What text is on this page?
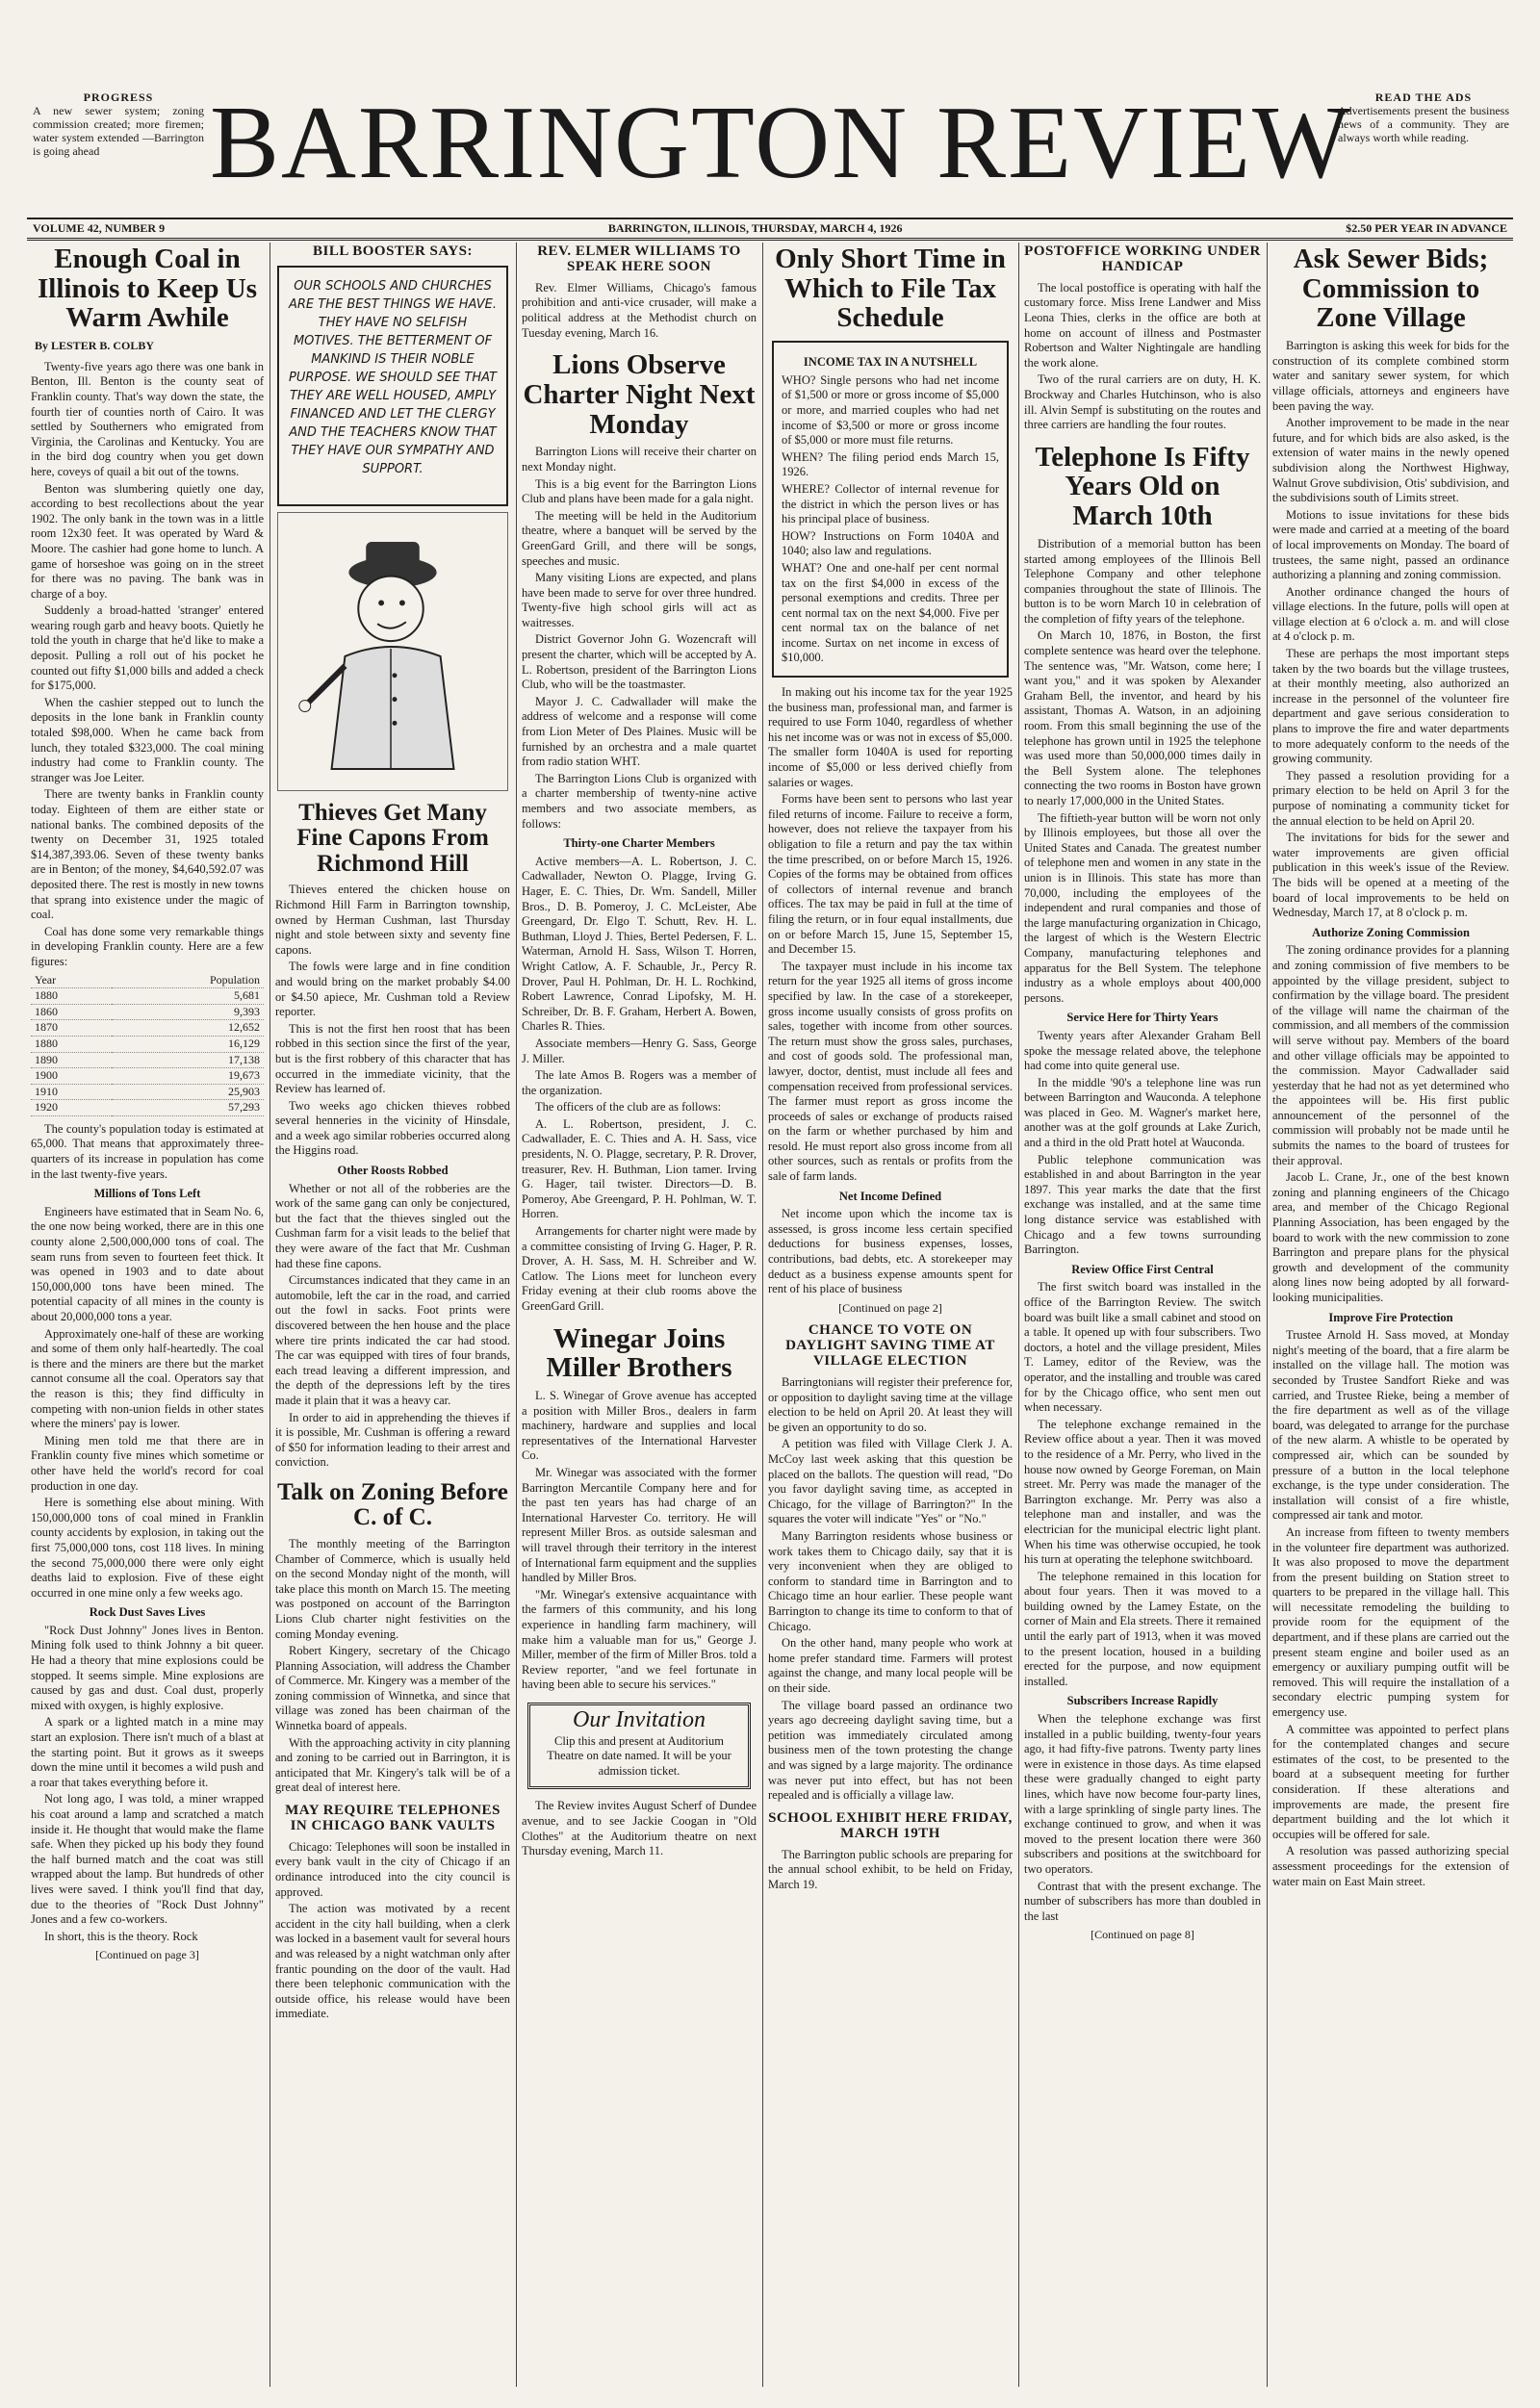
PROGRESS

A new sewer system; zoning commission created; more firemen; water system extended —Barrington is going ahead	BARRINGTON REVIEW	READ THE ADS

Advertisements present the business news of a community. They are always worth while reading.

VOLUME 42, NUMBER 9	BARRINGTON, ILLINOIS, THURSDAY, MARCH 4, 1926	$2.50 PER YEAR IN ADVANCE
Enough Coal in Illinois to Keep Us Warm Awhile
By LESTER B. COLBY

Twenty-five years ago there was one bank in Benton, Ill. Benton is the county seat of Franklin county. That's way down the state, the fourth tier of counties north of Cairo. It was settled by Southerners who emigrated from Virginia, the Carolinas and Kentucky. You are in the bird dog country when you get down here, coveys of quail a bit out of the towns.

Benton was slumbering quietly one day, according to best recollections about the year 1902. The only bank in the town was in a little room 12x30 feet. It was operated by Ward & Moore. The cashier had gone home to lunch. A game of horseshoe was going on in the street for there was no paving. The bank was in charge of a boy.

Suddenly a broad-hatted 'stranger' entered wearing rough garb and heavy boots. Quietly he told the youth in charge that he'd like to make a deposit. Pulling a roll out of his pocket he counted out fifty $1,000 bills and added a check for $175,000.

When the cashier stepped out to lunch the deposits in the lone bank in Franklin county totaled $98,000. When he came back from lunch, they totaled $323,000. The coal mining industry had come to Franklin county. The stranger was Joe Leiter.

There are twenty banks in Franklin county today. Eighteen of them are either state or national banks. The combined deposits of the twenty on December 31, 1925 totaled $14,387,393.06. Seven of these twenty banks are in Benton; of the money, $4,640,592.07 was deposited there. The rest is mostly in new towns that sprang into existence under the magic of coal.

Coal has done some very remarkable things in developing Franklin county. Here are a few figures:

Year	Population
1880	5,681
1860	9,393
1870	12,652
1880	16,129
1890	17,138
1900	19,673
1910	25,903
1920	57,293

The county's population today is estimated at 65,000. That means that approximately three-quarters of its increase in population has come in the last twenty-five years.

Millions of Tons Left

Engineers have estimated that in Seam No. 6, the one now being worked, there are in this one county alone 2,500,000,000 tons of coal. The seam runs from seven to fourteen feet thick. It was opened in 1903 and to date about 150,000,000 tons have been mined. The potential capacity of all mines in the county is about 20,000,000 tons a year.

Approximately one-half of these are working and some of them only half-heartedly. The coal is there and the miners are there but the market cannot consume all the coal. Operators say that the reason is this; they find difficulty in competing with non-union fields in other states where the miners' pay is lower.

Mining men told me that there are in Franklin county five mines which sometime or other have held the world's record for coal production in one day.

Here is something else about mining. With 150,000,000 tons of coal mined in Franklin county accidents by explosion, in taking out the first 75,000,000 tons, cost 118 lives. In mining the second 75,000,000 there were only eight deaths laid to explosion. Five of these eight occurred in one mine only a few weeks ago.

Rock Dust Saves Lives

"Rock Dust Johnny" Jones lives in Benton. Mining folk used to think Johnny a bit queer. He had a theory that mine explosions could be stopped. It seems simple. Mine explosions are caused by gas and dust. Coal dust, properly mixed with oxygen, is highly explosive.

A spark or a lighted match in a mine may start an explosion. There isn't much of a blast at the starting point. But it grows as it sweeps down the mine until it becomes a wild push and a roar that takes everything before it.

Not long ago, I was told, a miner wrapped his coat around a lamp and scratched a match inside it. He thought that would make the flame safe. When they picked up his body they found the half burned match and the coat was still wrapped about the lamp. But hundreds of other lives were saved. I think you'll find that day, due to the theories of "Rock Dust Johnny" Jones and a few co-workers.

In short, this is the theory. Rock

[Continued on page 3]
BILL BOOSTER SAYS:
OUR SCHOOLS AND CHURCHES ARE THE BEST THINGS WE HAVE. THEY HAVE NO SELFISH MOTIVES. THE BETTERMENT OF MANKIND IS THEIR NOBLE PURPOSE. WE SHOULD SEE THAT THEY ARE WELL HOUSED, AMPLY FINANCED AND LET THE CLERGY AND THE TEACHERS KNOW THAT THEY HAVE OUR SYMPATHY AND SUPPORT.
Thieves Get Many Fine Capons From Richmond Hill

Thieves entered the chicken house on Richmond Hill Farm in Barrington township, owned by Herman Cushman, last Thursday night and stole between sixty and seventy fine capons.

The fowls were large and in fine condition and would bring on the market probably $4.00 or $4.50 apiece, Mr. Cushman told a Review reporter.

This is not the first hen roost that has been robbed in this section since the first of the year, but is the first robbery of this character that has occurred in the immediate vicinity, that the Review has learned of.

Two weeks ago chicken thieves robbed several henneries in the vicinity of Hinsdale, and a week ago similar robberies occurred along the Higgins road.

Other Roosts Robbed

Whether or not all of the robberies are the work of the same gang can only be conjectured, but the fact that the thieves singled out the Cushman farm for a visit leads to the belief that they were aware of the fact that Mr. Cushman had these fine capons.

Circumstances indicated that they came in an automobile, left the car in the road, and carried out the fowl in sacks. Foot prints were discovered between the hen house and the place where tire prints indicated the car had stood. The car was equipped with tires of four brands, each tread leaving a different impression, and the depth of the depressions left by the tires made it plain that it was a heavy car.

In order to aid in apprehending the thieves if it is possible, Mr. Cushman is offering a reward of $50 for information leading to their arrest and conviction.

Talk on Zoning Before C. of C.

The monthly meeting of the Barrington Chamber of Commerce, which is usually held on the second Monday night of the month, will take place this month on March 15. The meeting was postponed on account of the Barrington Lions Club charter night festivities on the coming Monday evening.

Robert Kingery, secretary of the Chicago Planning Association, will address the Chamber of Commerce. Mr. Kingery was a member of the zoning commission of Winnetka, and since that village was zoned has been chairman of the Winnetka board of appeals.

With the approaching activity in city planning and zoning to be carried out in Barrington, it is anticipated that Mr. Kingery's talk will be of a great deal of interest here.

MAY REQUIRE TELEPHONES IN CHICAGO BANK VAULTS

Chicago: Telephones will soon be installed in every bank vault in the city of Chicago if an ordinance introduced into the city council is approved.

The action was motivated by a recent accident in the city hall building, when a clerk was locked in a basement vault for several hours and was released by a night watchman only after frantic pounding on the door of the vault. Had there been telephonic communication with the outside office, his release would have been immediate.

REV. ELMER WILLIAMS TO SPEAK HERE SOON

Rev. Elmer Williams, Chicago's famous prohibition and anti-vice crusader, will make a political address at the Methodist church on Tuesday evening, March 16.

Lions Observe Charter Night Next Monday

Barrington Lions will receive their charter on next Monday night.

This is a big event for the Barrington Lions Club and plans have been made for a gala night.

The meeting will be held in the Auditorium theatre, where a banquet will be served by the GreenGard Grill, and there will be songs, speeches and music.

Many visiting Lions are expected, and plans have been made to serve for over three hundred. Twenty-five high school girls will act as waitresses.

District Governor John G. Wozencraft will present the charter, which will be accepted by A. L. Robertson, president of the Barrington Lions Club, who will be the toastmaster.

Mayor J. C. Cadwallader will make the address of welcome and a response will come from Lion Meter of Des Plaines. Music will be furnished by an orchestra and a male quartet from radio station WHT.

The Barrington Lions Club is organized with a charter membership of twenty-nine active members and two associate members, as follows:

Thirty-one Charter Members

Active members—A. L. Robertson, J. C. Cadwallader, Newton O. Plagge, Irving G. Hager, E. C. Thies, Dr. Wm. Sandell, Miller Bros., D. B. Pomeroy, J. C. McLeister, Abe Greengard, Dr. Elgo T. Schutt, Rev. H. L. Buthman, Lloyd J. Thies, Bertel Pedersen, F. L. Waterman, Arnold H. Sass, Wilson T. Horren, Wright Catlow, A. F. Schauble, Jr., Percy R. Drover, Paul H. Pohlman, Dr. H. L. Rochkind, Robert Lawrence, Conrad Lipofsky, M. H. Schreiber, Dr. B. F. Graham, Herbert A. Bowen, Charles R. Thies.

Associate members—Henry G. Sass, George J. Miller.

The late Amos B. Rogers was a member of the organization.

The officers of the club are as follows:

A. L. Robertson, president, J. C. Cadwallader, E. C. Thies and A. H. Sass, vice presidents, N. O. Plagge, secretary, P. R. Drover, treasurer, Rev. H. Buthman, Lion tamer. Irving G. Hager, tail twister. Directors—D. B. Pomeroy, Abe Greengard, P. H. Pohlman, W. T. Horren.

Arrangements for charter night were made by a committee consisting of Irving G. Hager, P. R. Drover, A. H. Sass, M. H. Schreiber and W. Catlow. The Lions meet for luncheon every Friday evening at their club rooms above the GreenGard Grill.

Winegar Joins Miller Brothers

L. S. Winegar of Grove avenue has accepted a position with Miller Bros., dealers in farm machinery, hardware and supplies and local representatives of the International Harvester Co.

Mr. Winegar was associated with the former Barrington Mercantile Company here and for the past ten years has had charge of an International Harvester Co. territory. He will represent Miller Bros. as outside salesman and will travel through their territory in the interest of International farm equipment and the supplies handled by Miller Bros.

"Mr. Winegar's extensive acquaintance with the farmers of this community, and his long experience in handling farm machinery, will make him a valuable man for us," George J. Miller, member of the firm of Miller Bros. told a Review reporter, "and we feel fortunate in having been able to secure his services."

Our Invitation
Clip this and present at Auditorium Theatre on date named. It will be your admission ticket.

The Review invites August Scherf of Dundee avenue, and to see Jackie Coogan in "Old Clothes" at the Auditorium theatre on next Thursday evening, March 11.

Only Short Time in Which to File Tax Schedule
INCOME TAX IN A NUTSHELL

WHO? Single persons who had net income of $1,500 or more or gross income of $5,000 or more, and married couples who had net income of $3,500 or more or gross income of $5,000 or more must file returns.

WHEN? The filing period ends March 15, 1926.

WHERE? Collector of internal revenue for the district in which the person lives or has his principal place of business.

HOW? Instructions on Form 1040A and 1040; also law and regulations.

WHAT? One and one-half per cent normal tax on the first $4,000 in excess of the personal exemptions and credits. Three per cent normal tax on the next $4,000. Five per cent normal tax on the balance of net income. Surtax on net income in excess of $10,000.

In making out his income tax for the year 1925 the business man, professional man, and farmer is required to use Form 1040, regardless of whether his net income was or was not in excess of $5,000. The smaller form 1040A is used for reporting income of $5,000 or less derived chiefly from salaries or wages.

Forms have been sent to persons who last year filed returns of income. Failure to receive a form, however, does not relieve the taxpayer from his obligation to file a return and pay the tax within the time prescribed, on or before March 15, 1926. Copies of the forms may be obtained from offices of collectors of internal revenue and branch offices. The tax may be paid in full at the time of filing the return, or in four equal installments, due on or before March 15, June 15, September 15, and December 15.

The taxpayer must include in his income tax return for the year 1925 all items of gross income specified by law. In the case of a storekeeper, gross income usually consists of gross profits on sales, together with income from other sources. The return must show the gross sales, purchases, and cost of goods sold. The professional man, lawyer, doctor, dentist, must include all fees and compensation received from professional services. The farmer must report as gross income the proceeds of sales or exchange of products raised on the farm or whether purchased by him and resold. He must report also gross income from all other sources, such as rentals or profits from the sale of farm lands.

Net Income Defined

Net income upon which the income tax is assessed, is gross income less certain specified deductions for business expenses, losses, contributions, bad debts, etc. A storekeeper may deduct as a business expense amounts spent for rent of his place of business

[Continued on page 2]
CHANCE TO VOTE ON DAYLIGHT SAVING TIME AT VILLAGE ELECTION

Barringtonians will register their preference for, or opposition to daylight saving time at the village election to be held on April 20. At least they will be given an opportunity to do so.

A petition was filed with Village Clerk J. A. McCoy last week asking that this question be placed on the ballots. The question will read, "Do you favor daylight saving time, as accepted in Chicago, for the village of Barrington?" In the squares the voter will indicate "Yes" or "No."

Many Barrington residents whose business or work takes them to Chicago daily, say that it is very inconvenient when they are obliged to conform to standard time in Barrington and to Chicago time an hour earlier. These people want Barrington to change its time to conform to that of Chicago.

On the other hand, many people who work at home prefer standard time. Farmers will protest against the change, and many local people will be on their side.

The village board passed an ordinance two years ago decreeing daylight saving time, but a petition was immediately circulated among business men of the town protesting the change and was signed by a large majority. The ordinance was never put into effect, but has not been repealed and is officially a village law.

SCHOOL EXHIBIT HERE FRIDAY, MARCH 19TH

The Barrington public schools are preparing for the annual school exhibit, to be held on Friday, March 19.

POSTOFFICE WORKING UNDER HANDICAP

The local postoffice is operating with half the customary force. Miss Irene Landwer and Miss Leona Thies, clerks in the office are both at home on account of illness and Postmaster Robertson and Walter Nightingale are handling the work alone.

Two of the rural carriers are on duty, H. K. Brockway and Charles Hutchinson, who is also ill. Alvin Sempf is substituting on the routes and three carriers are handling the four routes.

Telephone Is Fifty Years Old on March 10th

Distribution of a memorial button has been started among employees of the Illinois Bell Telephone Company and other telephone companies throughout the state of Illinois. The button is to be worn March 10 in celebration of the completion of fifty years of the telephone.

On March 10, 1876, in Boston, the first complete sentence was heard over the telephone. The sentence was, "Mr. Watson, come here; I want you," and it was spoken by Alexander Graham Bell, the inventor, and heard by his assistant, Thomas A. Watson, in an adjoining room. From this small beginning the use of the telephone has grown until in 1925 the telephone was used more than 50,000,000 times daily in the Bell System alone. The telephones connecting the two rooms in Boston have grown to nearly 17,000,000 in the United States.

The fiftieth-year button will be worn not only by Illinois employees, but those all over the United States and Canada. The greatest number of telephone men and women in any state in the union is in Illinois. This state has more than 70,000, including the employees of the independent and rural companies and those of the large manufacturing organization in Chicago, the largest of which is the Western Electric Company, manufacturing telephones and apparatus for the Bell System. The telephone industry as a whole employs about 400,000 persons.

Service Here for Thirty Years

Twenty years after Alexander Graham Bell spoke the message related above, the telephone had come into quite general use.

In the middle '90's a telephone line was run between Barrington and Wauconda. A telephone was placed in Geo. M. Wagner's market here, another was at the golf grounds at Lake Zurich, and a third in the old Pratt hotel at Wauconda.

Public telephone communication was established in and about Barrington in the year 1897. This year marks the date that the first exchange was installed, and at the same time long distance service was established with Chicago and a few towns surrounding Barrington.

Review Office First Central

The first switch board was installed in the office of the Barrington Review. The switch board was built like a small cabinet and stood on a table. It opened up with four subscribers. Two doctors, a hotel and the village president, Miles T. Lamey, editor of the Review, was the operator, and the installing and trouble was cared for by the Chicago office, who sent men out when necessary.

The telephone exchange remained in the Review office about a year. Then it was moved to the residence of a Mr. Perry, who lived in the house now owned by George Foreman, on Main street. Mr. Perry was made the manager of the Barrington exchange. Mr. Perry was also a telephone man and installer, and was the electrician for the municipal electric light plant. When his time was otherwise occupied, he took his turn at operating the telephone switchboard.

The telephone remained in this location for about four years. Then it was moved to a building owned by the Lamey Estate, on the corner of Main and Ela streets. There it remained until the early part of 1913, when it was moved to the present location, housed in a building erected for the purpose, and now equipment installed.

Subscribers Increase Rapidly

When the telephone exchange was first installed in a public building, twenty-four years ago, it had fifty-five patrons. Twenty party lines were in existence in those days. As time elapsed these were gradually changed to eight party lines, which have now become four-party lines, with a large sprinkling of single party lines. The exchange continued to grow, and when it was moved to the present location there were 360 subscribers and positions at the switchboard for two operators.

Contrast that with the present exchange. The number of subscribers has more than doubled in the last

[Continued on page 8]
Ask Sewer Bids; Commission to Zone Village

Barrington is asking this week for bids for the construction of its complete combined storm water and sanitary sewer system, for which village officials, attorneys and engineers have been paving the way.

Another improvement to be made in the near future, and for which bids are also asked, is the extension of water mains in the newly opened subdivision along the Northwest Highway, Walnut Grove subdivision, Otis' subdivision, and the subdivisions south of Limits street.

Motions to issue invitations for these bids were made and carried at a meeting of the board of local improvements on Monday. The board of trustees, the same night, passed an ordinance authorizing a planning and zoning commission.

Another ordinance changed the hours of village elections. In the future, polls will open at village election at 6 o'clock a. m. and will close at 4 o'clock p. m.

These are perhaps the most important steps taken by the two boards but the village trustees, at their monthly meeting, also authorized an increase in the personnel of the volunteer fire department and gave serious consideration to plans to improve the fire and water departments to more adequately conform to the needs of the growing community.

They passed a resolution providing for a primary election to be held on April 3 for the purpose of nominating a community ticket for the annual election to be held on April 20.

The invitations for bids for the sewer and water improvements are given official publication in this week's issue of the Review. The bids will be opened at a meeting of the board of local improvements to be held on Wednesday, March 17, at 8 o'clock p. m.

Authorize Zoning Commission

The zoning ordinance provides for a planning and zoning commission of five members to be appointed by the village president, subject to confirmation by the village board. The president of the village will name the chairman of the commission, and all members of the commission will serve without pay. Members of the board and other village officials may be appointed to the commission. Mayor Cadwallader said yesterday that he had not as yet determined who the appointees will be. His first public announcement of the personnel of the commission will probably not be made until he submits the names to the board of trustees for their approval.

Jacob L. Crane, Jr., one of the best known zoning and planning engineers of the Chicago area, and member of the Chicago Regional Planning Association, has been engaged by the board to work with the new commission to zone Barrington and prepare plans for the physical growth and development of the community along lines now being adopted by all forward-looking municipalities.

Improve Fire Protection

Trustee Arnold H. Sass moved, at Monday night's meeting of the board, that a fire alarm be installed on the village hall. The motion was seconded by Trustee Sandfort Rieke and was carried, and Trustee Rieke, being a member of the fire department as well as of the village board, was delegated to arrange for the purchase of the new alarm. A whistle to be operated by compressed air, which can be sounded by pressure of a button in the local telephone exchange, is the type under consideration. The installation will consist of a fire whistle, compressed air tank and motor.

An increase from fifteen to twenty members in the volunteer fire department was authorized. It was also proposed to move the department from the present building on Station street to quarters to be prepared in the village hall. This will necessitate remodeling the building to provide room for the equipment of the department, and if these plans are carried out the present steam engine and boiler used as an emergency or auxiliary pumping outfit will be removed. This will require the installation of a secondary electric pumping system for emergency use.

A committee was appointed to perfect plans for the contemplated changes and secure estimates of the cost, to be presented to the board at a subsequent meeting for further consideration. If these alterations and improvements are made, the present fire department building and the lot which it occupies will be offered for sale.

A resolution was passed authorizing special assessment proceedings for the extension of water main on East Main street.
